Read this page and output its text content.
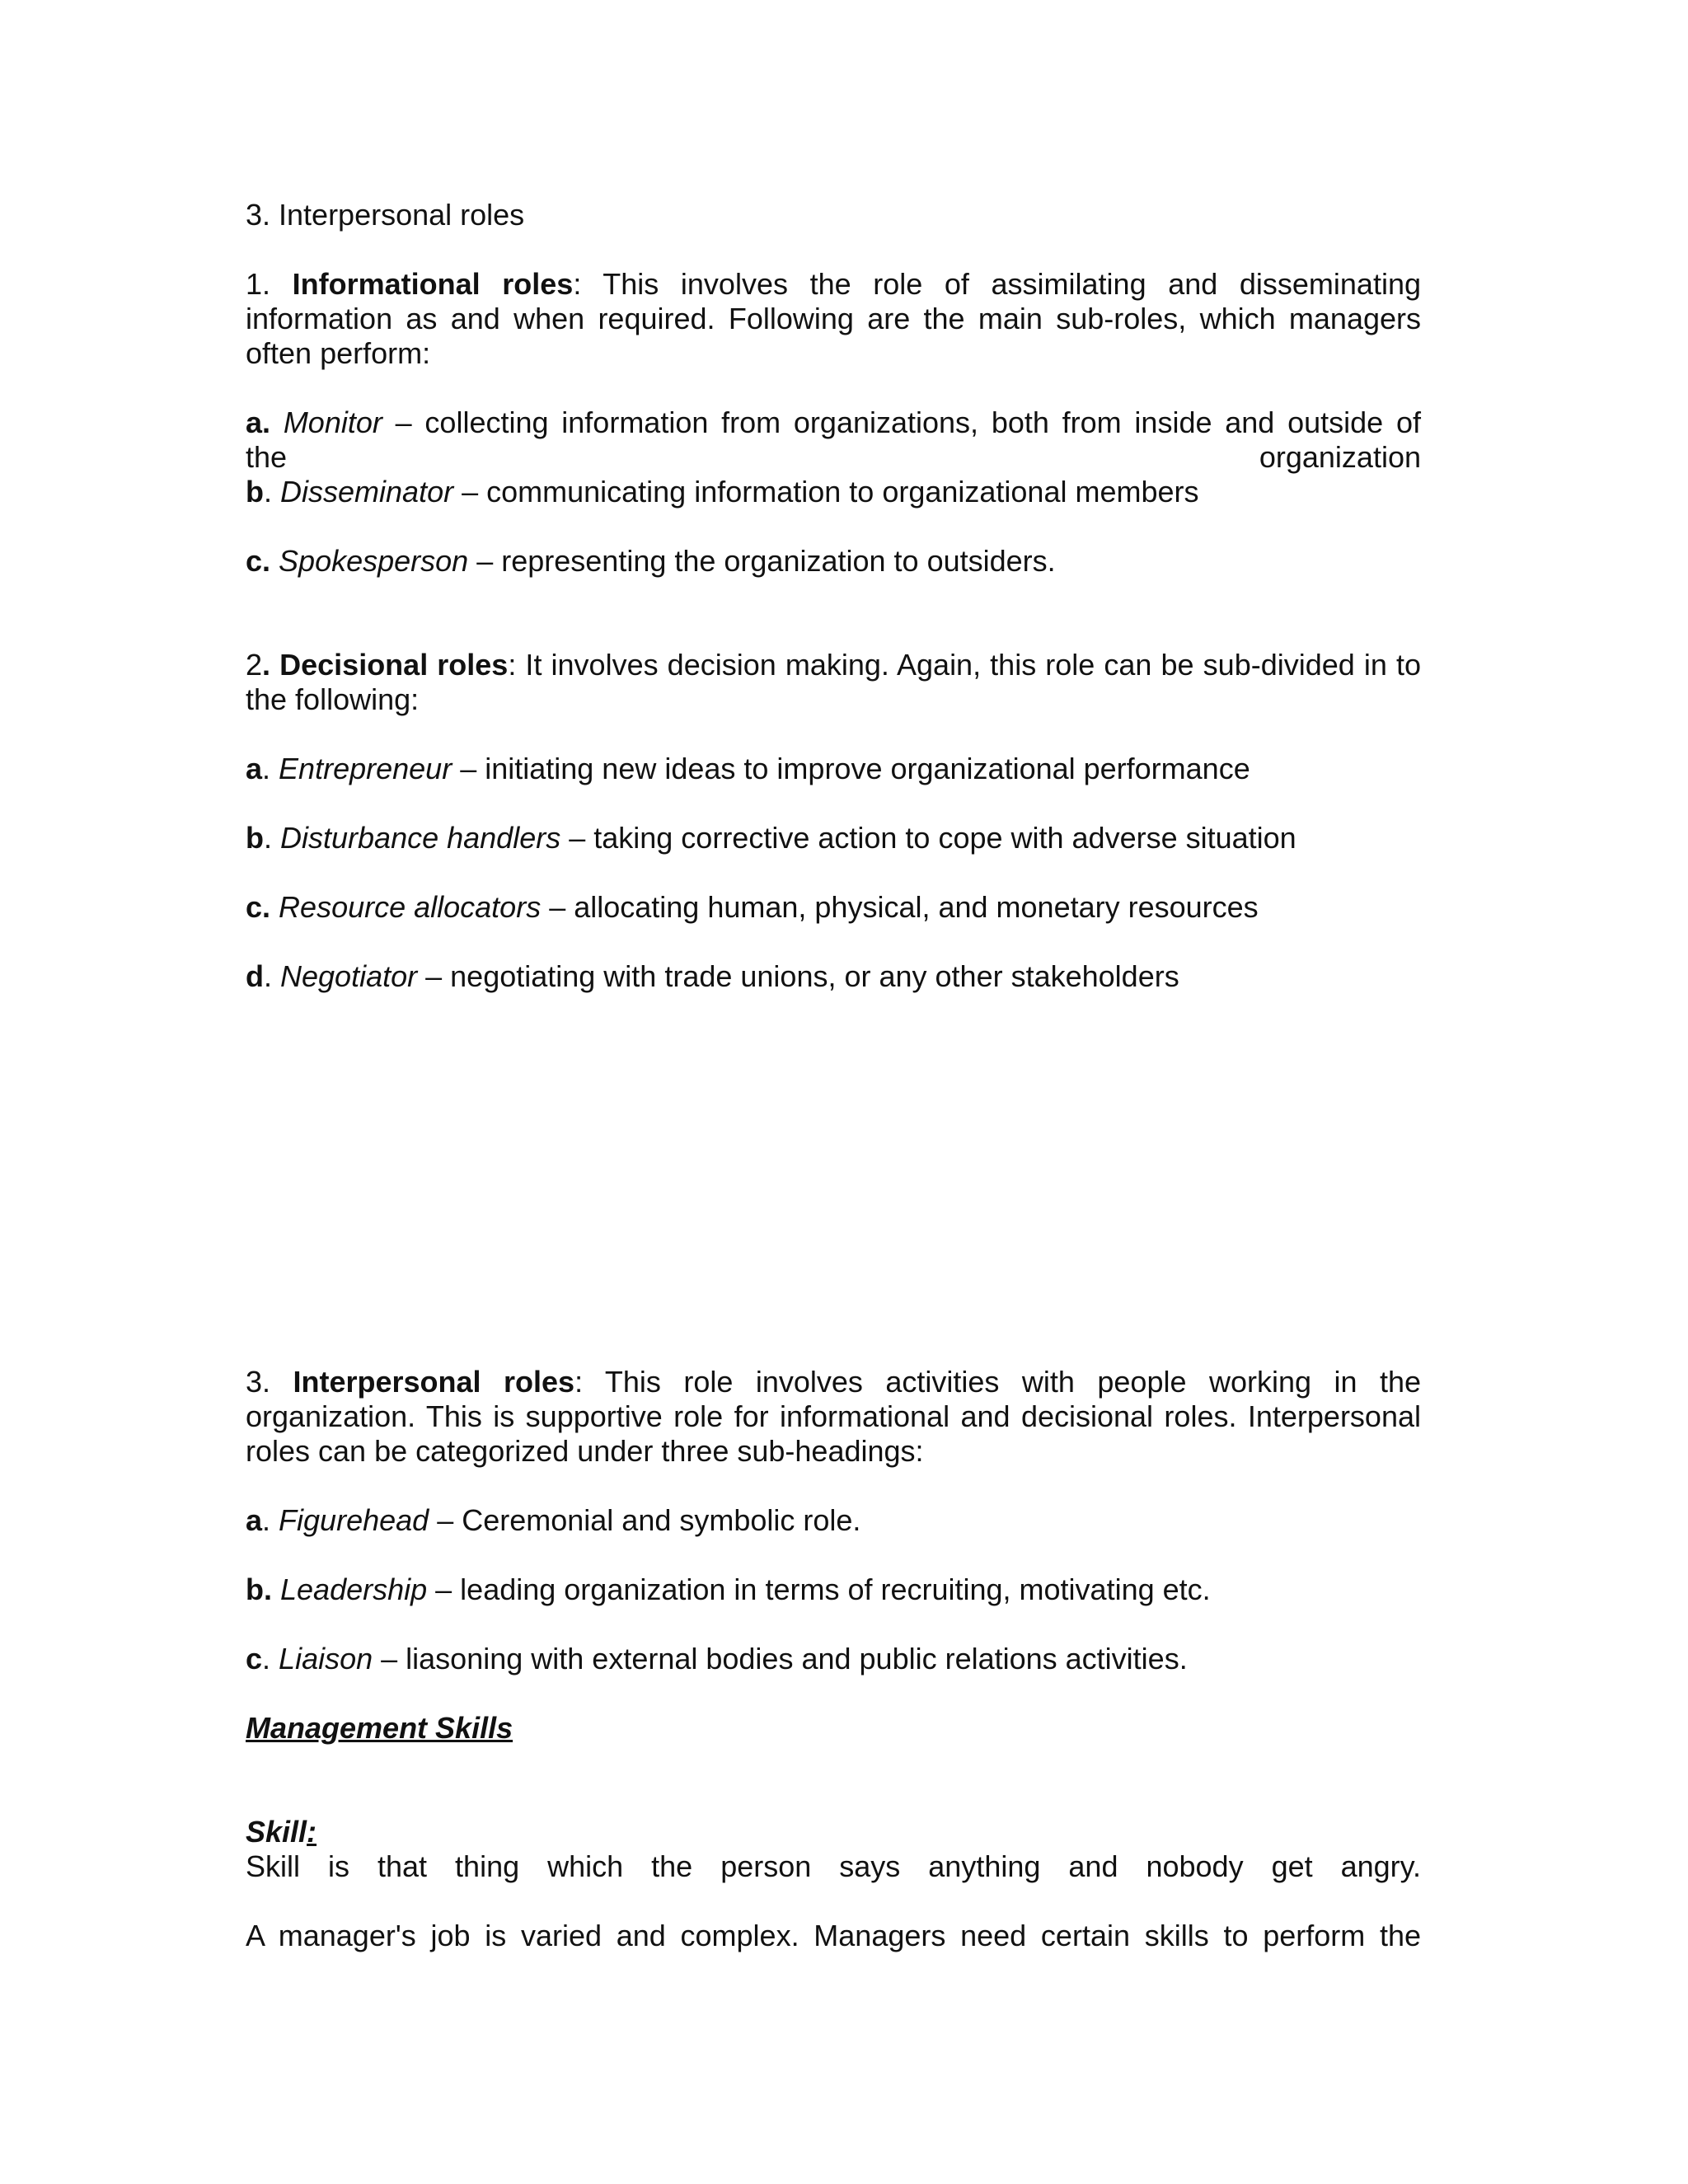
3. Interpersonal roles
1. Informational roles: This involves the role of assimilating and disseminating information as and when required. Following are the main sub-roles, which managers often perform:
a. Monitor – collecting information from organizations, both from inside and outside of
the	organization
b. Disseminator – communicating information to organizational members
c. Spokesperson – representing the organization to outsiders.
2. Decisional roles: It involves decision making. Again, this role can be sub-divided in to the following:
a. Entrepreneur – initiating new ideas to improve organizational performance
b. Disturbance handlers – taking corrective action to cope with adverse situation
c. Resource allocators – allocating human, physical, and monetary resources
d. Negotiator – negotiating with trade unions, or any other stakeholders
3. Interpersonal roles: This role involves activities with people working in the organization. This is supportive role for informational and decisional roles. Interpersonal roles can be categorized under three sub-headings:
a. Figurehead – Ceremonial and symbolic role.
b. Leadership – leading organization in terms of recruiting, motivating etc.
c. Liaison – liasoning with external bodies and public relations activities.
Management Skills
Skill:
Skill is that thing which the person says anything and nobody get angry.
A manager's job is varied and complex. Managers need certain skills to perform the
